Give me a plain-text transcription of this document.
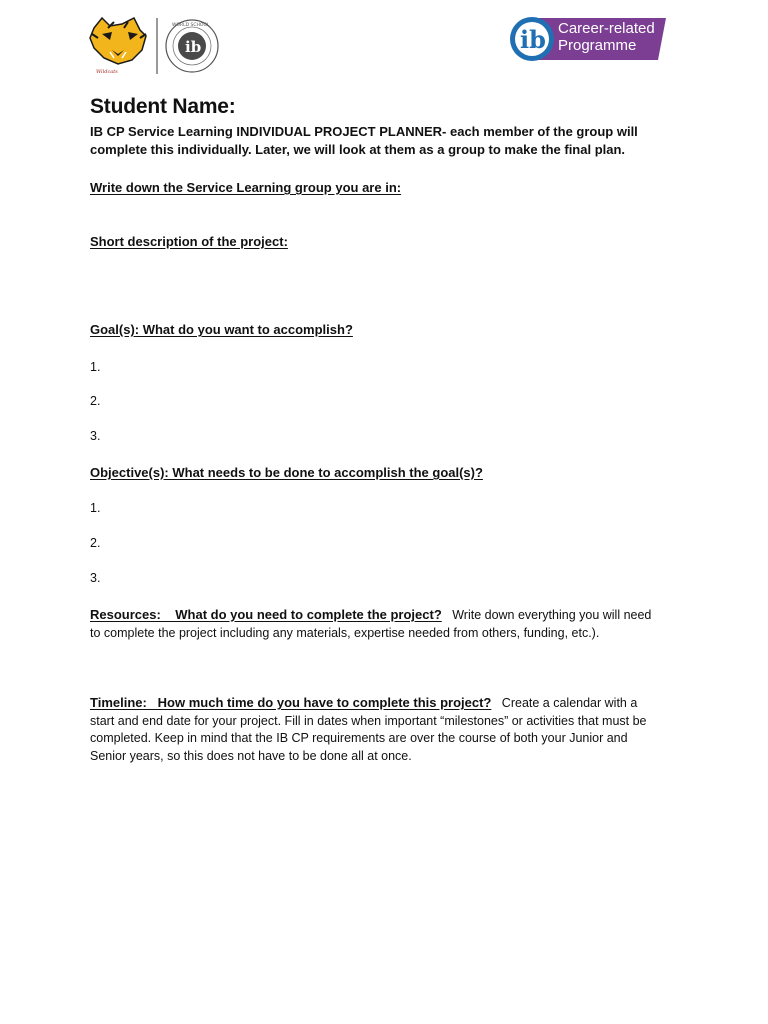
Wildcats
ib
WORLD SCHOOL	ib Career-related
Programme
Student Name:
IB CP Service Learning INDIVIDUAL PROJECT PLANNER- each member of the group will complete this individually. Later, we will look at them as a group to make the final plan.
Write down the Service Learning group you are in:
Short description of the project:
Goal(s): What do you want to accomplish?
1.
2.
3.
Objective(s): What needs to be done to accomplish the goal(s)?
1.
2.
3.
Resources:    What do you need to complete the project? Write down everything you will need to complete the project including any materials, expertise needed from others, funding, etc.).
Timeline:   How much time do you have to complete this project? Create a calendar with a start and end date for your project. Fill in dates when important “milestones” or activities that must be completed. Keep in mind that the IB CP requirements are over the course of both your Junior and Senior years, so this does not have to be done all at once.
